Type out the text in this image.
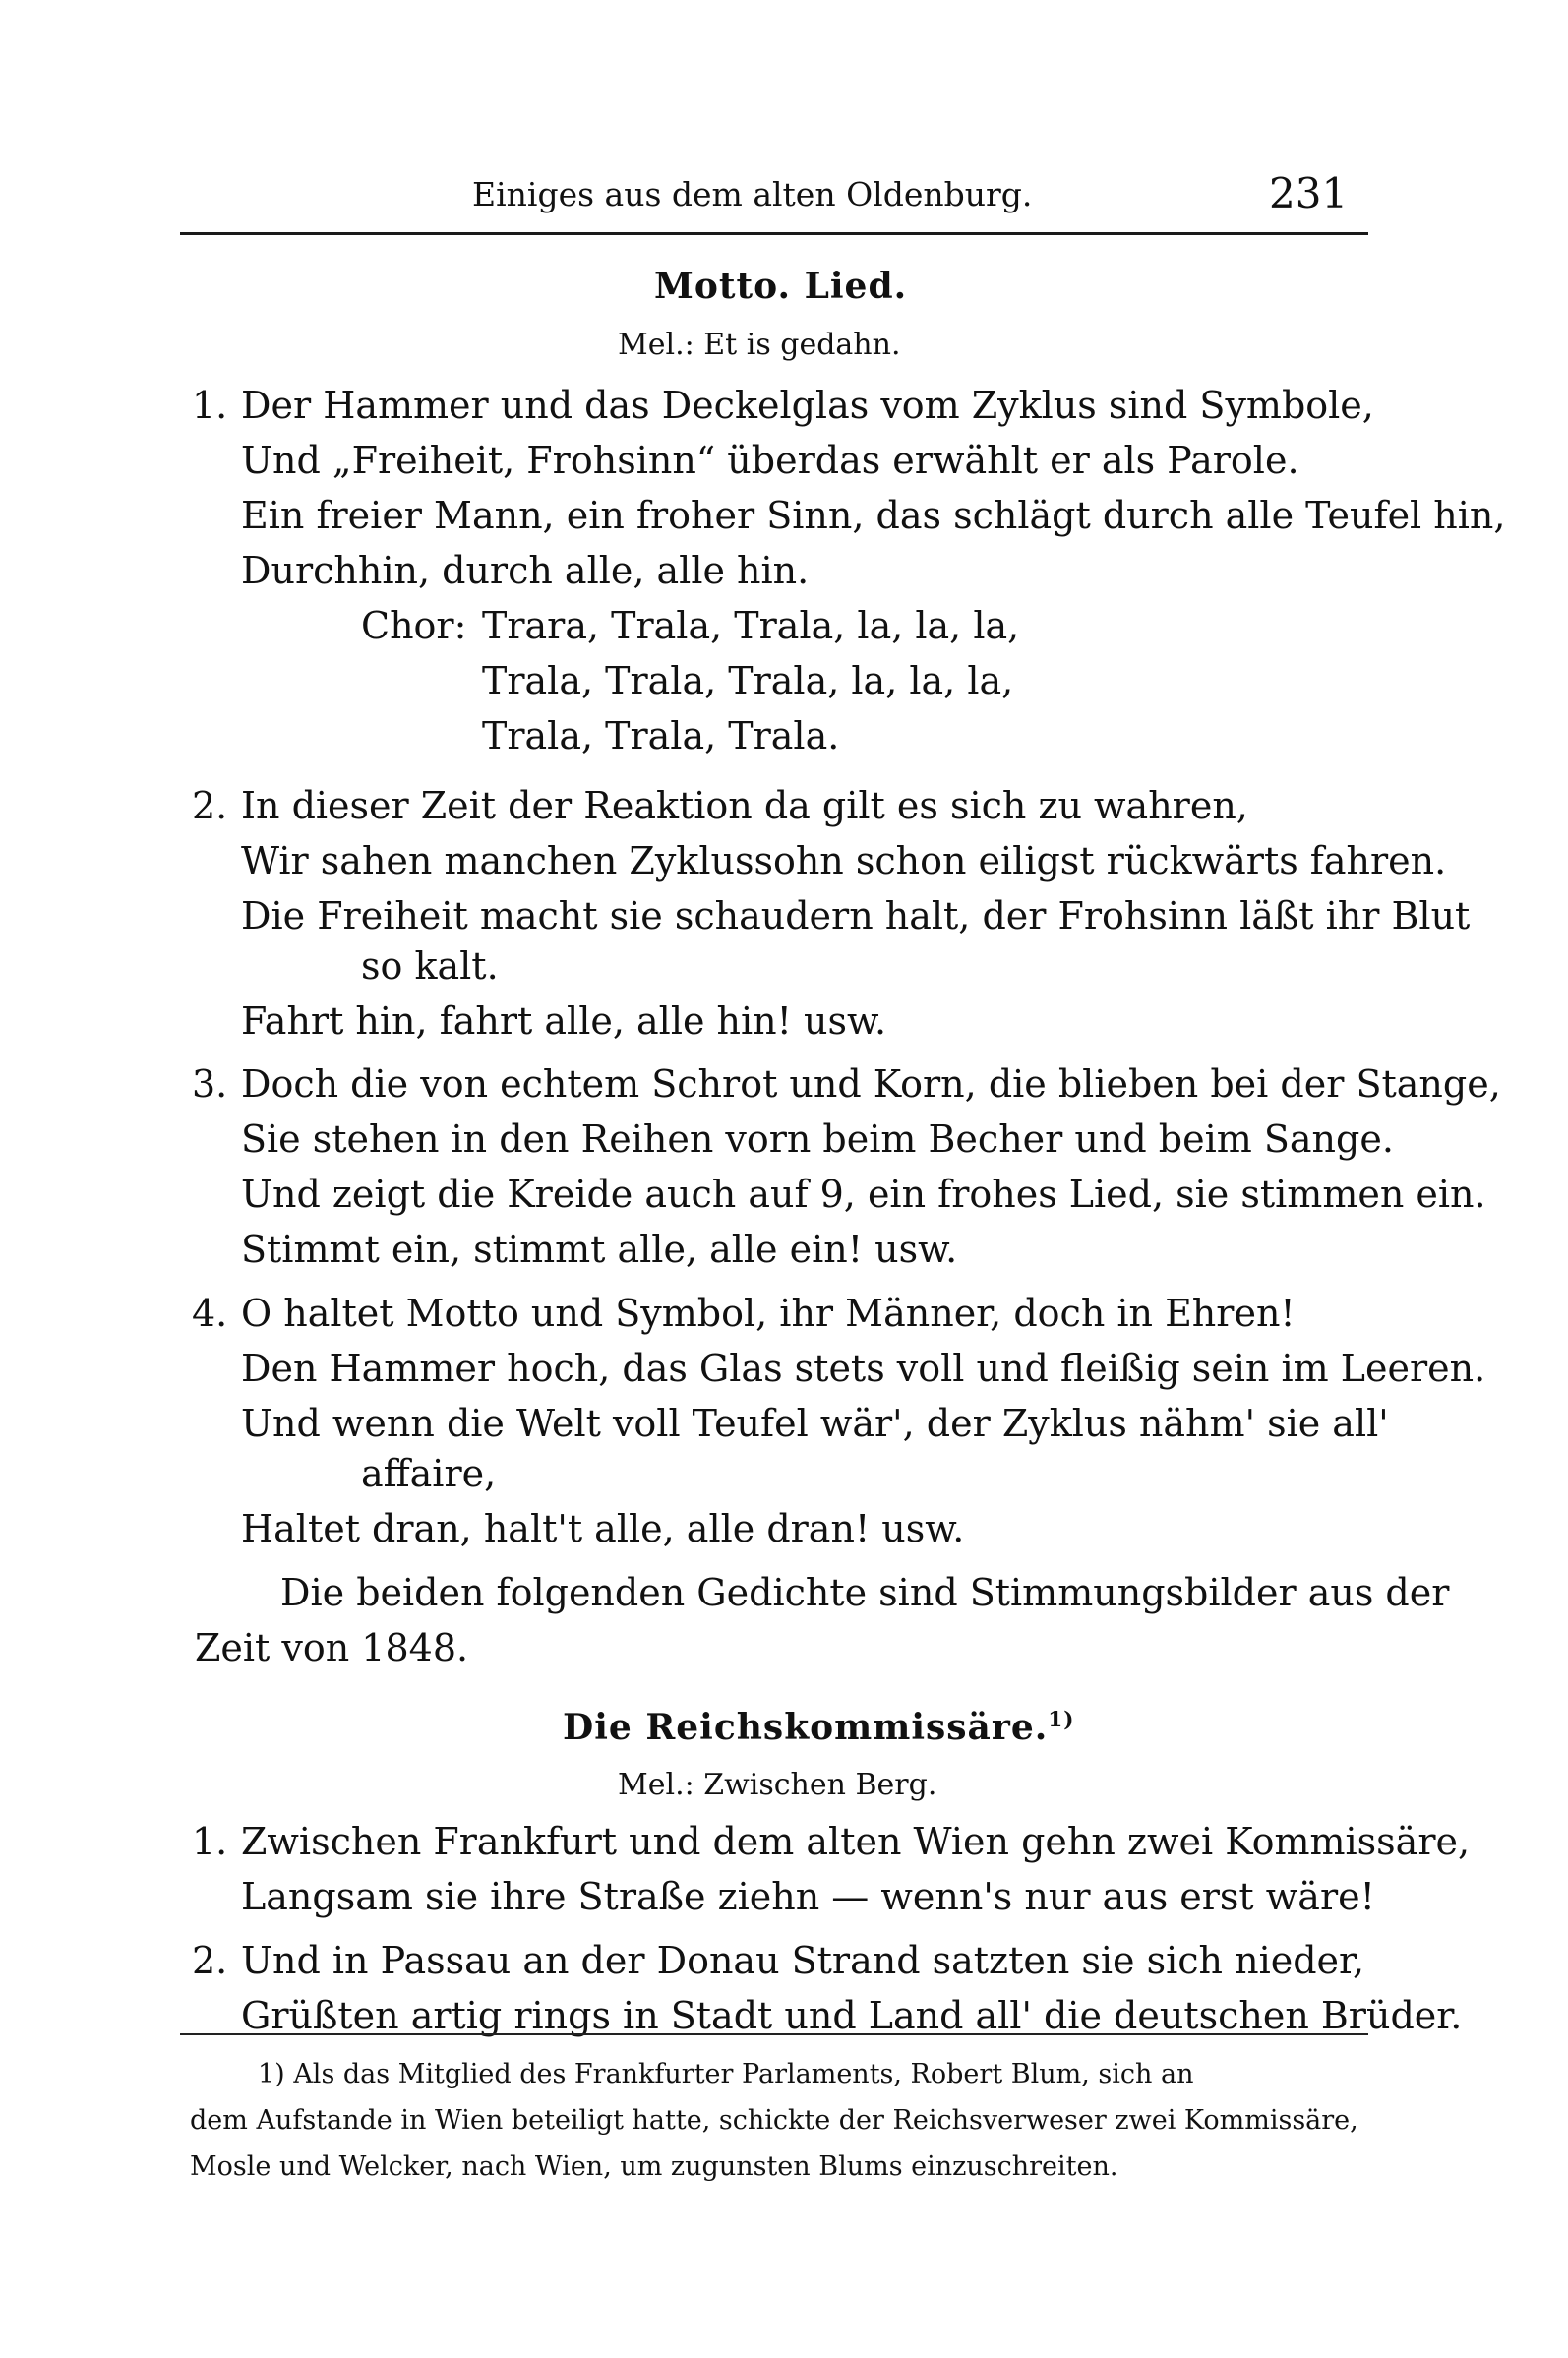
Einiges aus dem alten Oldenburg.	231
Motto. Lied.
Mel.: Et is gedahn.
1. Der Hammer und das Deckelglas vom Zyklus sind Symbole,
Und „Freiheit, Frohsinn“ überdas erwählt er als Parole.
Ein freier Mann, ein froher Sinn, das schlägt durch alle Teufel hin,
Durchhin, durch alle, alle hin.
Chor: Trara, Trala, Trala, la, la, la,
Trala, Trala, Trala, la, la, la,
Trala, Trala, Trala.
2. In dieser Zeit der Reaktion da gilt es sich zu wahren,
Wir sahen manchen Zyklussohn schon eiligst rückwärts fahren.
Die Freiheit macht sie schaudern halt, der Frohsinn läßt ihr Blut
so kalt.
Fahrt hin, fahrt alle, alle hin! usw.
3. Doch die von echtem Schrot und Korn, die blieben bei der Stange,
Sie stehen in den Reihen vorn beim Becher und beim Sange.
Und zeigt die Kreide auch auf 9, ein frohes Lied, sie stimmen ein.
Stimmt ein, stimmt alle, alle ein! usw.
4. O haltet Motto und Symbol, ihr Männer, doch in Ehren!
Den Hammer hoch, das Glas stets voll und fleißig sein im Leeren.
Und wenn die Welt voll Teufel wär', der Zyklus nähm' sie all'
affaire,
Haltet dran, halt't alle, alle dran! usw.
Die beiden folgenden Gedichte sind Stimmungsbilder aus der
Zeit von 1848.
Die Reichskommissäre.$^{1)}$
Mel.: Zwischen Berg.
1. Zwischen Frankfurt und dem alten Wien gehn zwei Kommissäre,
Langsam sie ihre Straße ziehn — wenn's nur aus erst wäre!
2. Und in Passau an der Donau Strand satzten sie sich nieder,
Grüßten artig rings in Stadt und Land all' die deutschen Brüder.
1) Als das Mitglied des Frankfurter Parlaments, Robert Blum, sich an
dem Aufstande in Wien beteiligt hatte, schickte der Reichsverweser zwei Kommissäre,
Mosle und Welcker, nach Wien, um zugunsten Blums einzuschreiten.
